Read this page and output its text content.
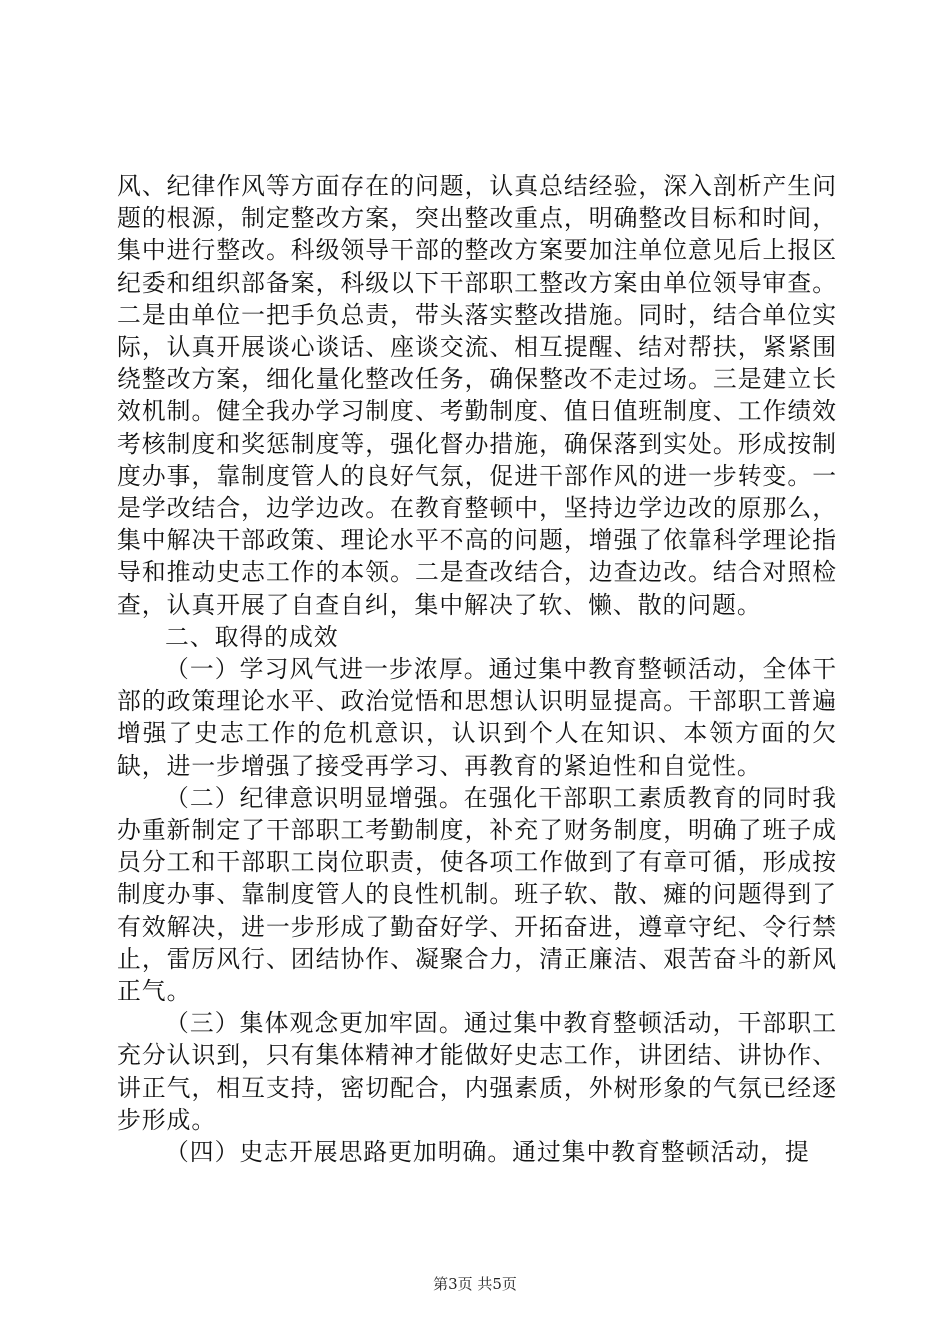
风、纪律作风等方面存在的问题，认真总结经验，深入剖析产生问题的根源，制定整改方案，突出整改重点，明确整改目标和时间，集中进行整改。科级领导干部的整改方案要加注单位意见后上报区纪委和组织部备案，科级以下干部职工整改方案由单位领导审查。二是由单位一把手负总责，带头落实整改措施。同时，结合单位实际，认真开展谈心谈话、座谈交流、相互提醒、结对帮扶，紧紧围绕整改方案，细化量化整改任务，确保整改不走过场。三是建立长效机制。健全我办学习制度、考勤制度、值日值班制度、工作绩效考核制度和奖惩制度等，强化督办措施，确保落到实处。形成按制度办事，靠制度管人的良好气氛，促进干部作风的进一步转变。一是学改结合，边学边改。在教育整顿中，坚持边学边改的原那么，集中解决干部政策、理论水平不高的问题，增强了依靠科学理论指导和推动史志工作的本领。二是查改结合，边查边改。结合对照检查，认真开展了自查自纠，集中解决了软、懒、散的问题。

二、取得的成效

（一）学习风气进一步浓厚。通过集中教育整顿活动，全体干部的政策理论水平、政治觉悟和思想认识明显提高。干部职工普遍增强了史志工作的危机意识，认识到个人在知识、本领方面的欠缺，进一步增强了接受再学习、再教育的紧迫性和自觉性。

（二）纪律意识明显增强。在强化干部职工素质教育的同时我办重新制定了干部职工考勤制度，补充了财务制度，明确了班子成员分工和干部职工岗位职责，使各项工作做到了有章可循，形成按制度办事、靠制度管人的良性机制。班子软、散、瘫的问题得到了有效解决，进一步形成了勤奋好学、开拓奋进，遵章守纪、令行禁止，雷厉风行、团结协作、凝聚合力，清正廉洁、艰苦奋斗的新风正气。

（三）集体观念更加牢固。通过集中教育整顿活动，干部职工充分认识到，只有集体精神才能做好史志工作，讲团结、讲协作、讲正气，相互支持，密切配合，内强素质，外树形象的气氛已经逐步形成。

（四）史志开展思路更加明确。通过集中教育整顿活动，提

第3页 共5页
